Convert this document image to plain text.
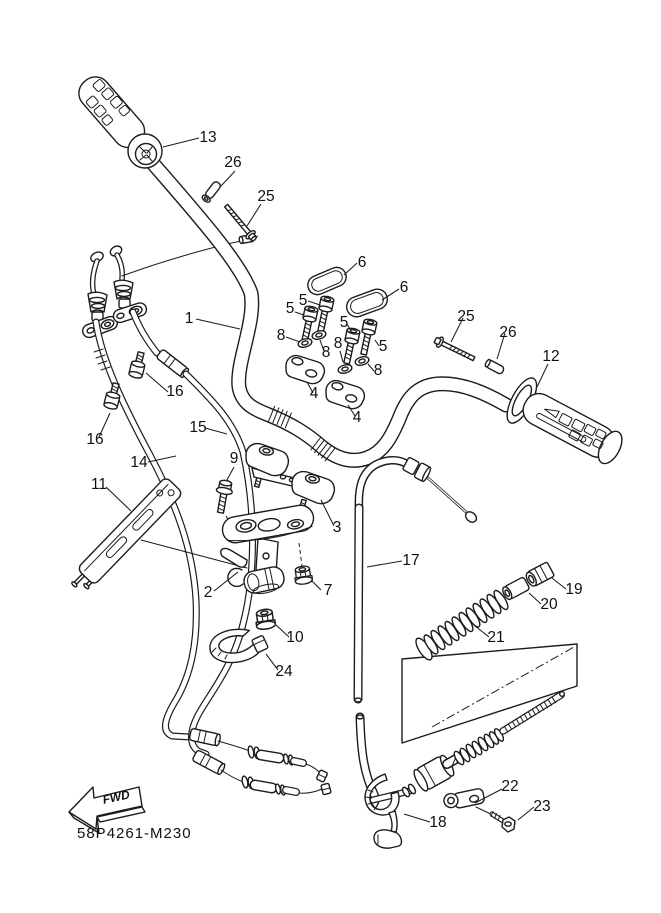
FWD
58P4261-M230
13
26
25
1
6
6
5
5
8
8
5
8 5
8
4
4
25
26
12
16
16
15
14
11
9
3
2	7
10
24
17
19
20
21
18
22
23
